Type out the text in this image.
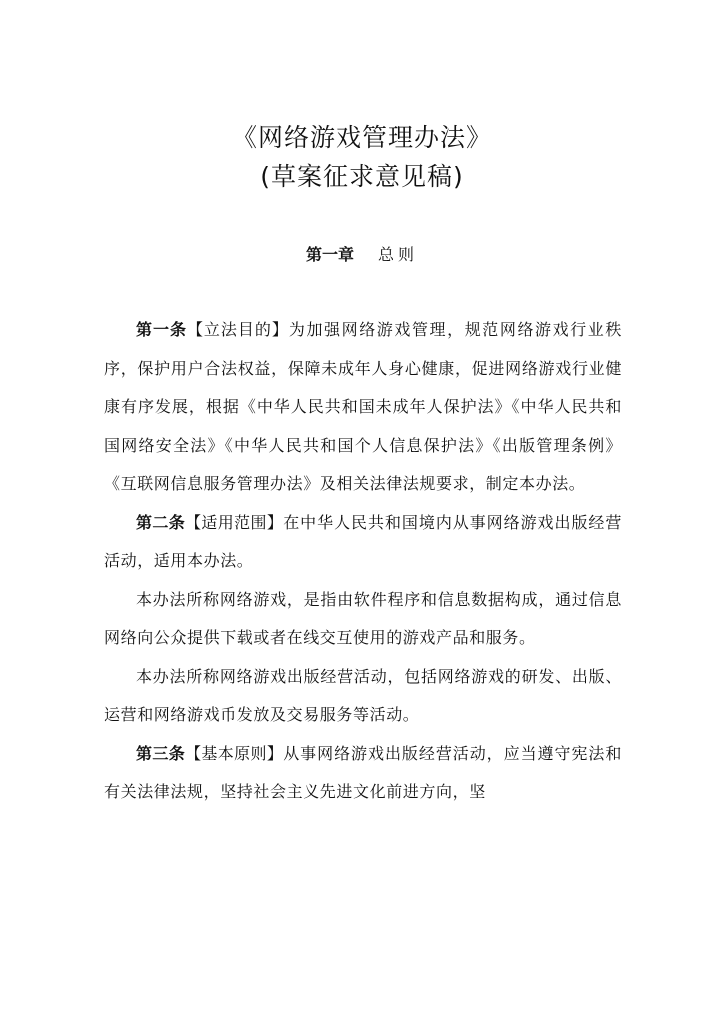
《网络游戏管理办法》
(草案征求意见稿)
第一章 总则

第一条【立法目的】为加强网络游戏管理，规范网络游戏行业秩序，保护用户合法权益，保障未成年人身心健康，促进网络游戏行业健康有序发展，根据《中华人民共和国未成年人保护法》《中华人民共和国网络安全法》《中华人民共和国个人信息保护法》《出版管理条例》《互联网信息服务管理办法》及相关法律法规要求，制定本办法。

第二条【适用范围】在中华人民共和国境内从事网络游戏出版经营活动，适用本办法。

本办法所称网络游戏，是指由软件程序和信息数据构成，通过信息网络向公众提供下载或者在线交互使用的游戏产品和服务。

本办法所称网络游戏出版经营活动，包括网络游戏的研发、出版、运营和网络游戏币发放及交易服务等活动。

第三条【基本原则】从事网络游戏出版经营活动，应当遵守宪法和有关法律法规，坚持社会主义先进文化前进方向，坚
